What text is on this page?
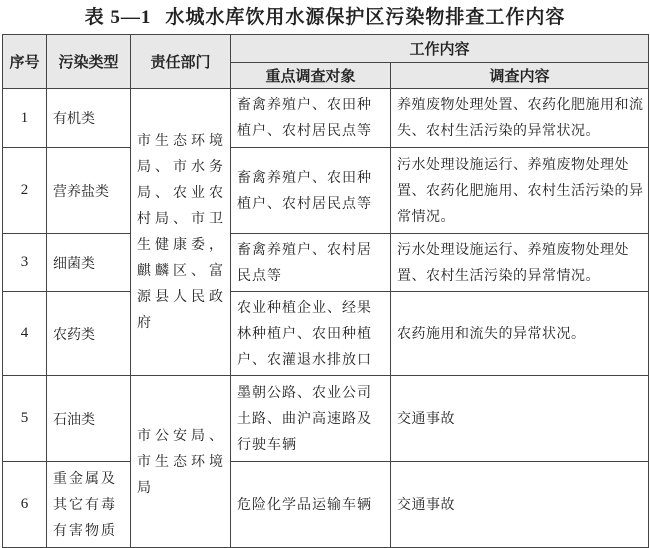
表 5—1 水城水库饮用水源保护区污染物排查工作内容
序号	污染类型	责任部门	工作内容	
			重点调查对象	调查内容
1	有机类	市生态环境局、市水务局、农业农村局、市卫生健康委，麒麟区、富源县人民政府	畜禽养殖户、农田种植户、农村居民点等	养殖废物处理处置、农药化肥施用和流失、农村生活污染的异常状况。
2	营养盐类		畜禽养殖户、农田种植户、农村居民点等	污水处理设施运行、养殖废物处理处置、农药化肥施用、农村生活污染的异常情况。
3	细菌类		畜禽养殖户、农村居民点等	污水处理设施运行、养殖废物处理处置、农村生活污染的异常情况。
4	农药类		农业种植企业、经果林种植户、农田种植户、农灌退水排放口	农药施用和流失的异常状况。
5	石油类	市公安局、市生态环境局	墨朝公路、农业公司土路、曲沪高速路及行驶车辆	交通事故
6	重金属及其它有毒有害物质		危险化学品运输车辆	交通事故
